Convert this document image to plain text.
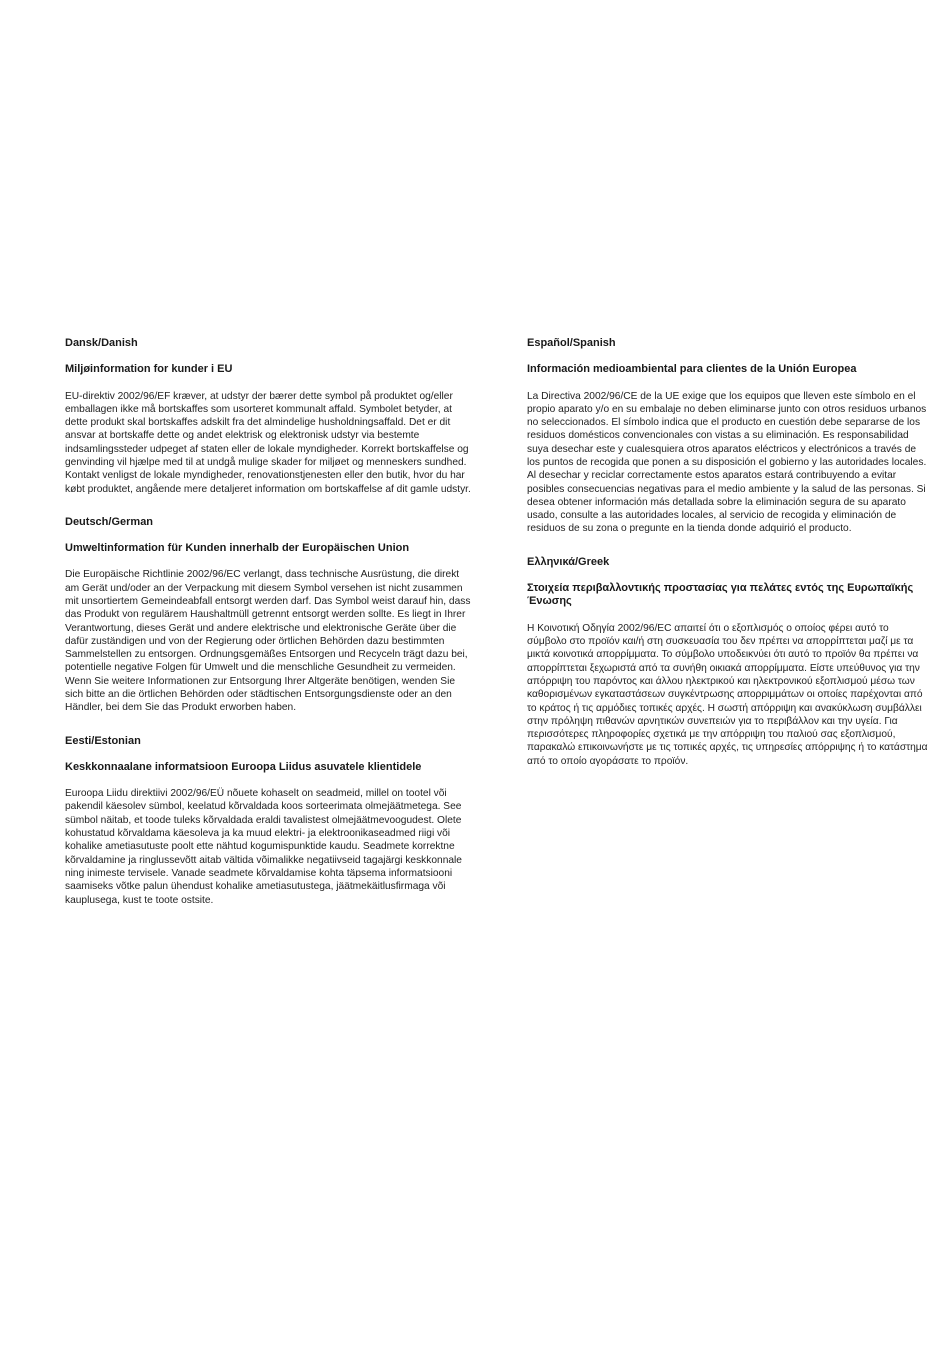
Dansk/Danish
Miljøinformation for kunder i EU

EU-direktiv 2002/96/EF kræver, at udstyr der bærer dette symbol på produktet og/eller emballagen ikke må bortskaffes som usorteret kommunalt affald. Symbolet betyder, at dette produkt skal bortskaffes adskilt fra det almindelige husholdningsaffald. Det er dit ansvar at bortskaffe dette og andet elektrisk og elektronisk udstyr via bestemte indsamlingssteder udpeget af staten eller de lokale myndigheder. Korrekt bortskaffelse og genvinding vil hjælpe med til at undgå mulige skader for miljøet og menneskers sundhed. Kontakt venligst de lokale myndigheder, renovationstjenesten eller den butik, hvor du har købt produktet, angående mere detaljeret information om bortskaffelse af dit gamle udstyr.

Deutsch/German
Umweltinformation für Kunden innerhalb der Europäischen Union

Die Europäische Richtlinie 2002/96/EC verlangt, dass technische Ausrüstung, die direkt am Gerät und/oder an der Verpackung mit diesem Symbol versehen ist nicht zusammen mit unsortiertem Gemeindeabfall entsorgt werden darf. Das Symbol weist darauf hin, dass das Produkt von regulärem Haushaltmüll getrennt entsorgt werden sollte. Es liegt in Ihrer Verantwortung, dieses Gerät und andere elektrische und elektronische Geräte über die dafür zuständigen und von der Regierung oder örtlichen Behörden dazu bestimmten Sammelstellen zu entsorgen. Ordnungsgemäßes Entsorgen und Recyceln trägt dazu bei, potentielle negative Folgen für Umwelt und die menschliche Gesundheit zu vermeiden. Wenn Sie weitere Informationen zur Entsorgung Ihrer Altgeräte benötigen, wenden Sie sich bitte an die örtlichen Behörden oder städtischen Entsorgungsdienste oder an den Händler, bei dem Sie das Produkt erworben haben.

Eesti/Estonian
Keskkonnaalane informatsioon Euroopa Liidus asuvatele klientidele

Euroopa Liidu direktiivi 2002/96/EÜ nõuete kohaselt on seadmeid, millel on tootel või pakendil käesolev sümbol, keelatud kõrvaldada koos sorteerimata olmejäätmetega. See sümbol näitab, et toode tuleks kõrvaldada eraldi tavalistest olmejäätmevoogudest. Olete kohustatud kõrvaldama käesoleva ja ka muud elektri- ja elektroonikaseadmed riigi või kohalike ametiasutuste poolt ette nähtud kogumispunktide kaudu. Seadmete korrektne kõrvaldamine ja ringlussevõtt aitab vältida võimalikke negatiivseid tagajärgi keskkonnale ning inimeste tervisele. Vanade seadmete kõrvaldamise kohta täpsema informatsiooni saamiseks võtke palun ühendust kohalike ametiasutustega, jäätmekäitlusfirmaga või kauplusega, kust te toote ostsite.

Español/Spanish
Información medioambiental para clientes de la Unión Europea

La Directiva 2002/96/CE de la UE exige que los equipos que lleven este símbolo en el propio aparato y/o en su embalaje no deben eliminarse junto con otros residuos urbanos no seleccionados. El símbolo indica que el producto en cuestión debe separarse de los residuos domésticos convencionales con vistas a su eliminación. Es responsabilidad suya desechar este y cualesquiera otros aparatos eléctricos y electrónicos a través de los puntos de recogida que ponen a su disposición el gobierno y las autoridades locales. Al desechar y reciclar correctamente estos aparatos estará contribuyendo a evitar posibles consecuencias negativas para el medio ambiente y la salud de las personas. Si desea obtener información más detallada sobre la eliminación segura de su aparato usado, consulte a las autoridades locales, al servicio de recogida y eliminación de residuos de su zona o pregunte en la tienda donde adquirió el producto.

Ελληνικά/Greek
Στοιχεία περιβαλλοντικής προστασίας για πελάτες εντός της Ευρωπαϊκής Ένωσης

Η Κοινοτική Οδηγία 2002/96/EC απαιτεί ότι ο εξοπλισμός ο οποίος φέρει αυτό το σύμβολο στο προϊόν και/ή στη συσκευασία του δεν πρέπει να απορρίπτεται μαζί με τα μικτά κοινοτικά απορρίμματα. Το σύμβολο υποδεικνύει ότι αυτό το προϊόν θα πρέπει να απορρίπτεται ξεχωριστά από τα συνήθη οικιακά απορρίμματα. Είστε υπεύθυνος για την απόρριψη του παρόντος και άλλου ηλεκτρικού και ηλεκτρονικού εξοπλισμού μέσω των καθορισμένων εγκαταστάσεων συγκέντρωσης απορριμμάτων οι οποίες παρέχονται από το κράτος ή τις αρμόδιες τοπικές αρχές. Η σωστή απόρριψη και ανακύκλωση συμβάλλει στην πρόληψη πιθανών αρνητικών συνεπειών για το περιβάλλον και την υγεία. Για περισσότερες πληροφορίες σχετικά με την απόρριψη του παλιού σας εξοπλισμού, παρακαλώ επικοινωνήστε με τις τοπικές αρχές, τις υπηρεσίες απόρριψης ή το κατάστημα από το οποίο αγοράσατε το προϊόν.
